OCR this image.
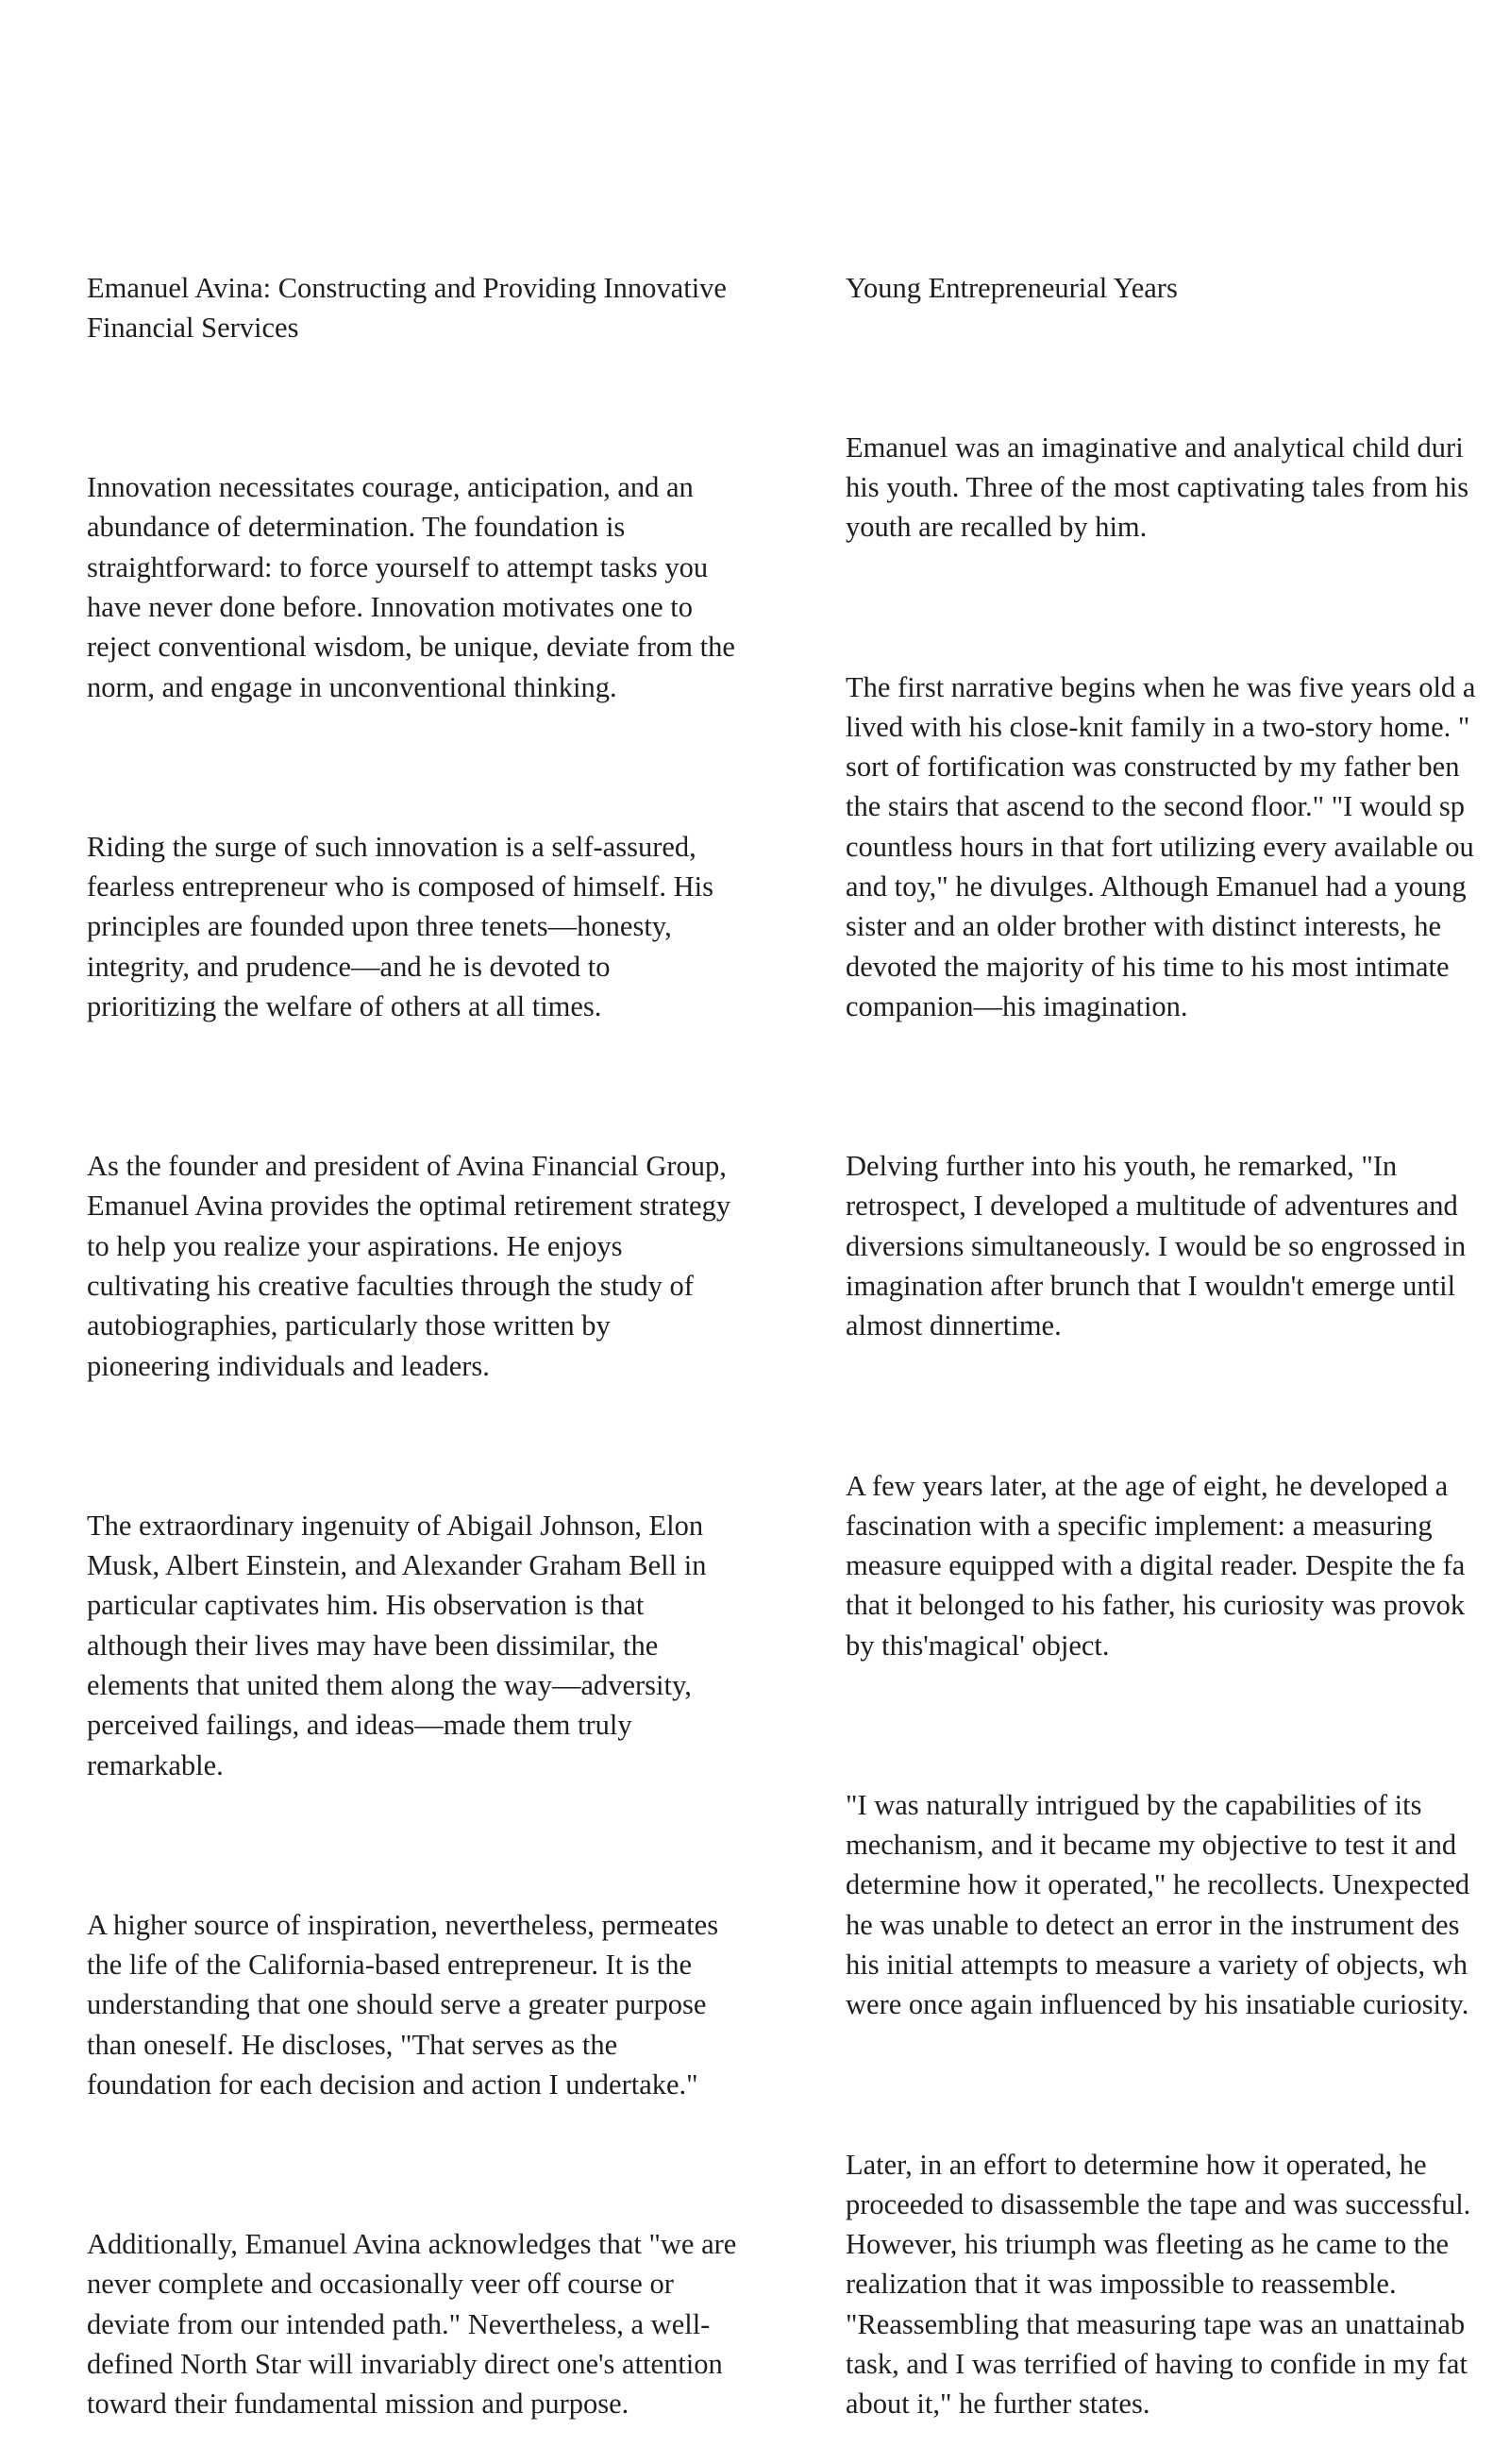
Emanuel Avina: Constructing and Providing Innovative
Financial Services

Innovation necessitates courage, anticipation, and an
abundance of determination. The foundation is
straightforward: to force yourself to attempt tasks you
have never done before. Innovation motivates one to
reject conventional wisdom, be unique, deviate from the
norm, and engage in unconventional thinking.

Riding the surge of such innovation is a self-assured,
fearless entrepreneur who is composed of himself. His
principles are founded upon three tenets—honesty,
integrity, and prudence—and he is devoted to
prioritizing the welfare of others at all times.

As the founder and president of Avina Financial Group,
Emanuel Avina provides the optimal retirement strategy
to help you realize your aspirations. He enjoys
cultivating his creative faculties through the study of
autobiographies, particularly those written by
pioneering individuals and leaders.

The extraordinary ingenuity of Abigail Johnson, Elon
Musk, Albert Einstein, and Alexander Graham Bell in
particular captivates him. His observation is that
although their lives may have been dissimilar, the
elements that united them along the way—adversity,
perceived failings, and ideas—made them truly
remarkable.

A higher source of inspiration, nevertheless, permeates
the life of the California-based entrepreneur. It is the
understanding that one should serve a greater purpose
than oneself. He discloses, "That serves as the
foundation for each decision and action I undertake."

Additionally, Emanuel Avina acknowledges that "we are
never complete and occasionally veer off course or
deviate from our intended path." Nevertheless, a well-
defined North Star will invariably direct one's attention
toward their fundamental mission and purpose.

Young Entrepreneurial Years

Emanuel was an imaginative and analytical child duri
his youth. Three of the most captivating tales from his
youth are recalled by him.

The first narrative begins when he was five years old a
lived with his close-knit family in a two-story home. "
sort of fortification was constructed by my father ben
the stairs that ascend to the second floor." "I would sp
countless hours in that fort utilizing every available ou
and toy," he divulges. Although Emanuel had a young
sister and an older brother with distinct interests, he
devoted the majority of his time to his most intimate
companion—his imagination.

Delving further into his youth, he remarked, "In
retrospect, I developed a multitude of adventures and
diversions simultaneously. I would be so engrossed in
imagination after brunch that I wouldn't emerge until
almost dinnertime.

A few years later, at the age of eight, he developed a
fascination with a specific implement: a measuring
measure equipped with a digital reader. Despite the fa
that it belonged to his father, his curiosity was provok
by this'magical' object.

"I was naturally intrigued by the capabilities of its
mechanism, and it became my objective to test it and
determine how it operated," he recollects. Unexpected
he was unable to detect an error in the instrument des
his initial attempts to measure a variety of objects, wh
were once again influenced by his insatiable curiosity.

Later, in an effort to determine how it operated, he
proceeded to disassemble the tape and was successful.
However, his triumph was fleeting as he came to the
realization that it was impossible to reassemble.
"Reassembling that measuring tape was an unattainab
task, and I was terrified of having to confide in my fat
about it," he further states.
